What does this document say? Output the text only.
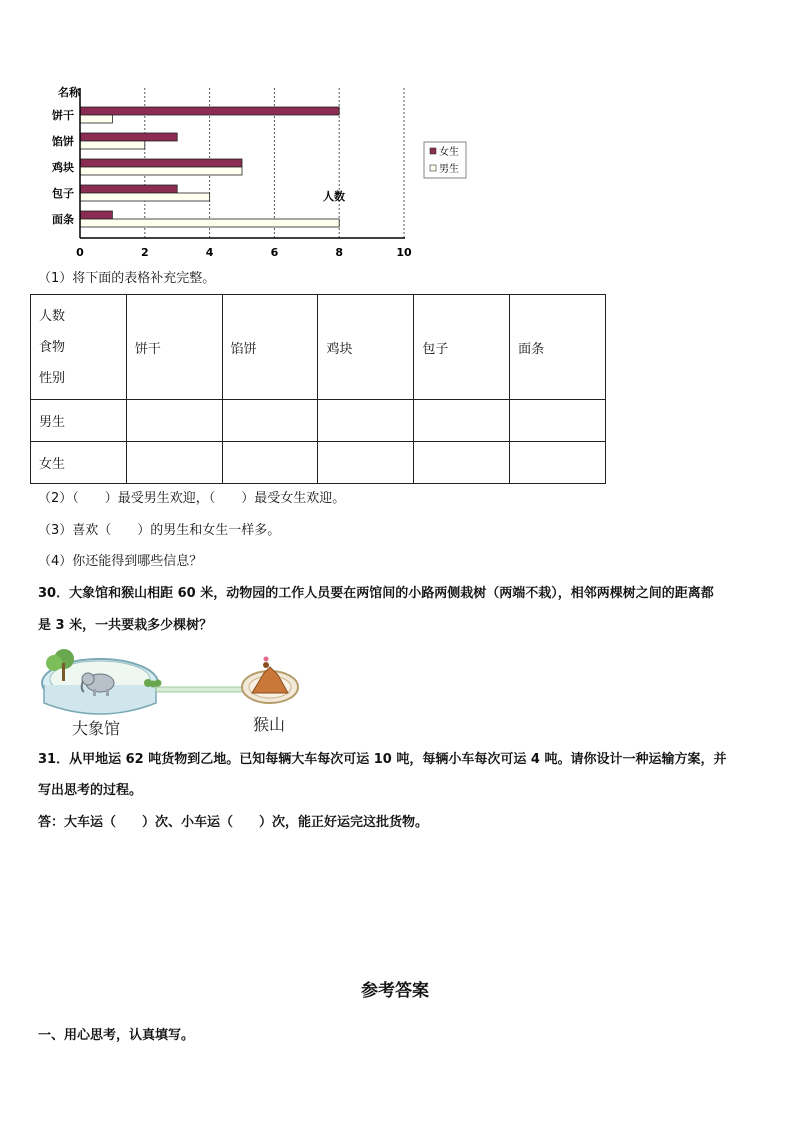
名称
饼干
馅饼
鸡块
包子
面条
0	2	4	6	8	10
人数
女生
男生
（1）将下面的表格补充完整。
人数
食物
性别	饼干	馅饼	鸡块	包子	面条
男生					
女生					
（2）（　　）最受男生欢迎，（　　）最受女生欢迎。
（3）喜欢（　　）的男生和女生一样多。
（4）你还能得到哪些信息？
30．大象馆和猴山相距 60 米，动物园的工作人员要在两馆间的小路两侧栽树（两端不栽），相邻两棵树之间的距离都
是 3 米，一共要栽多少棵树？
大象馆	猴山
31．从甲地运 62 吨货物到乙地。已知每辆大车每次可运 10 吨，每辆小车每次可运 4 吨。请你设计一种运输方案，并
写出思考的过程。
答：大车运（　　）次、小车运（　　）次，能正好运完这批货物。
参考答案
一、用心思考，认真填写。
